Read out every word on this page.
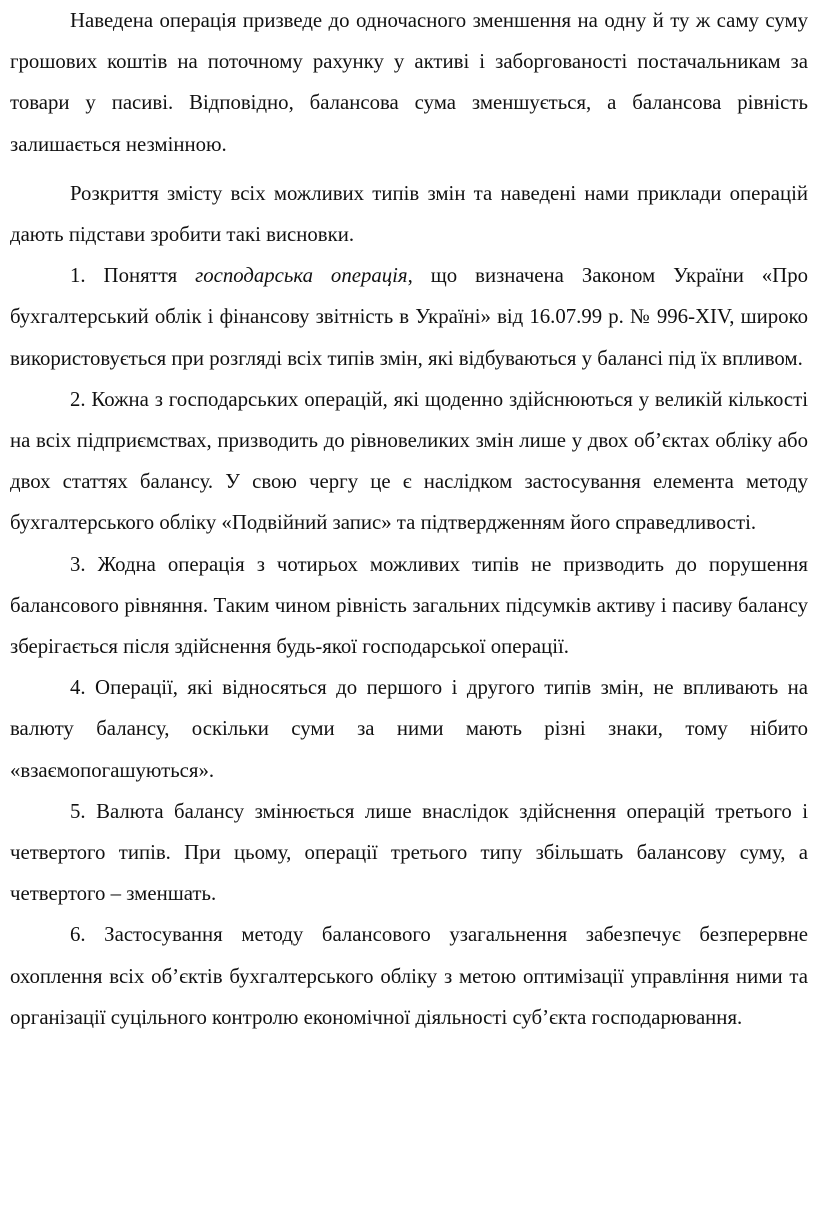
Наведена операція призведе до одночасного зменшення на одну й ту ж саму суму грошових коштів на поточному рахунку у активі і заборгованості постачальникам за товари у пасиві. Відповідно, балансова сума зменшується, а балансова рівність залишається незмінною.

Розкриття змісту всіх можливих типів змін та наведені нами приклади операцій дають підстави зробити такі висновки.

1. Поняття господарська операція, що визначена Законом України «Про бухгалтерський облік і фінансову звітність в Україні» від 16.07.99 р. № 996-XIV, широко використовується при розгляді всіх типів змін, які відбуваються у балансі під їх впливом.

2. Кожна з господарських операцій, які щоденно здійснюються у великій кількості на всіх підприємствах, призводить до рівновеликих змін лише у двох об’єктах обліку або двох статтях балансу. У свою чергу це є наслідком застосування елемента методу бухгалтерського обліку «Подвійний запис» та підтвердженням його справедливості.

3. Жодна операція з чотирьох можливих типів не призводить до порушення балансового рівняння. Таким чином рівність загальних підсумків активу і пасиву балансу зберігається після здійснення будь-якої господарської операції.

4. Операції, які відносяться до першого і другого типів змін, не впливають на валюту балансу, оскільки суми за ними мають різні знаки, тому нібито «взаємопогашуються».

5. Валюта балансу змінюється лише внаслідок здійснення операцій третього і четвертого типів. При цьому, операції третього типу збільшать балансову суму, а четвертого – зменшать.

6. Застосування методу балансового узагальнення забезпечує безперервне охоплення всіх об’єктів бухгалтерського обліку з метою оптимізації управління ними та організації суцільного контролю економічної діяльності суб’єкта господарювання.
